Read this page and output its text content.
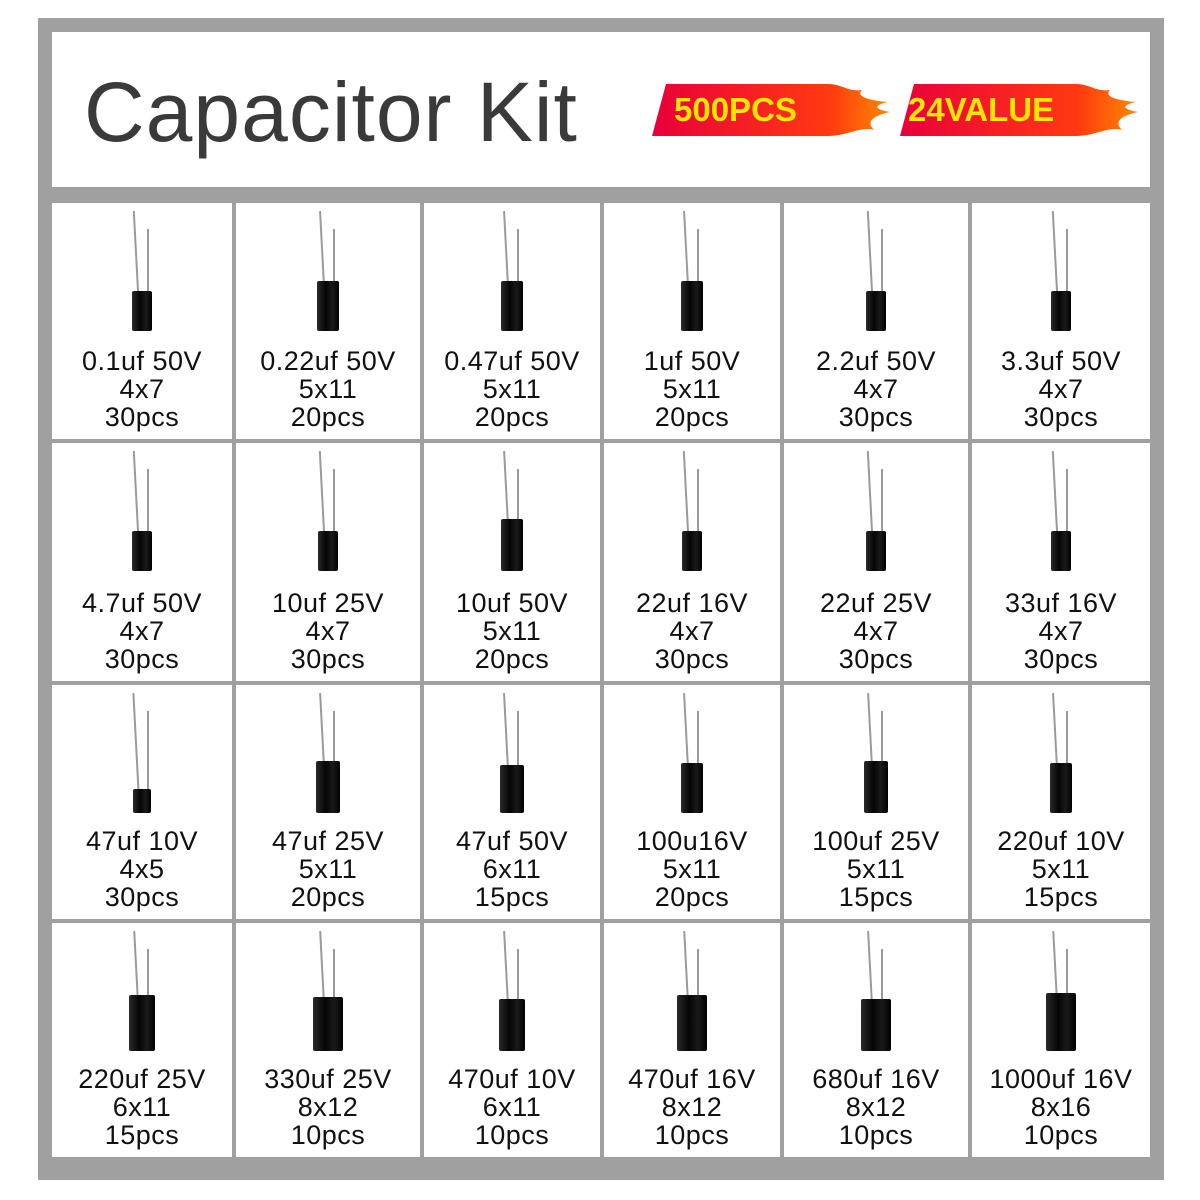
Capacitor Kit	500PCS	24VALUE
0.1uf 50V
4x7
30pcs
0.22uf 50V
5x11
20pcs
0.47uf 50V
5x11
20pcs
1uf 50V
5x11
20pcs
2.2uf 50V
4x7
30pcs
3.3uf 50V
4x7
30pcs
4.7uf 50V
4x7
30pcs
10uf 25V
4x7
30pcs
10uf 50V
5x11
20pcs
22uf 16V
4x7
30pcs
22uf 25V
4x7
30pcs
33uf 16V
4x7
30pcs
47uf 10V
4x5
30pcs
47uf 25V
5x11
20pcs
47uf 50V
6x11
15pcs
100u16V
5x11
20pcs
100uf 25V
5x11
15pcs
220uf 10V
5x11
15pcs
220uf 25V
6x11
15pcs
330uf 25V
8x12
10pcs
470uf 10V
6x11
10pcs
470uf 16V
8x12
10pcs
680uf 16V
8x12
10pcs
1000uf 16V
8x16
10pcs
